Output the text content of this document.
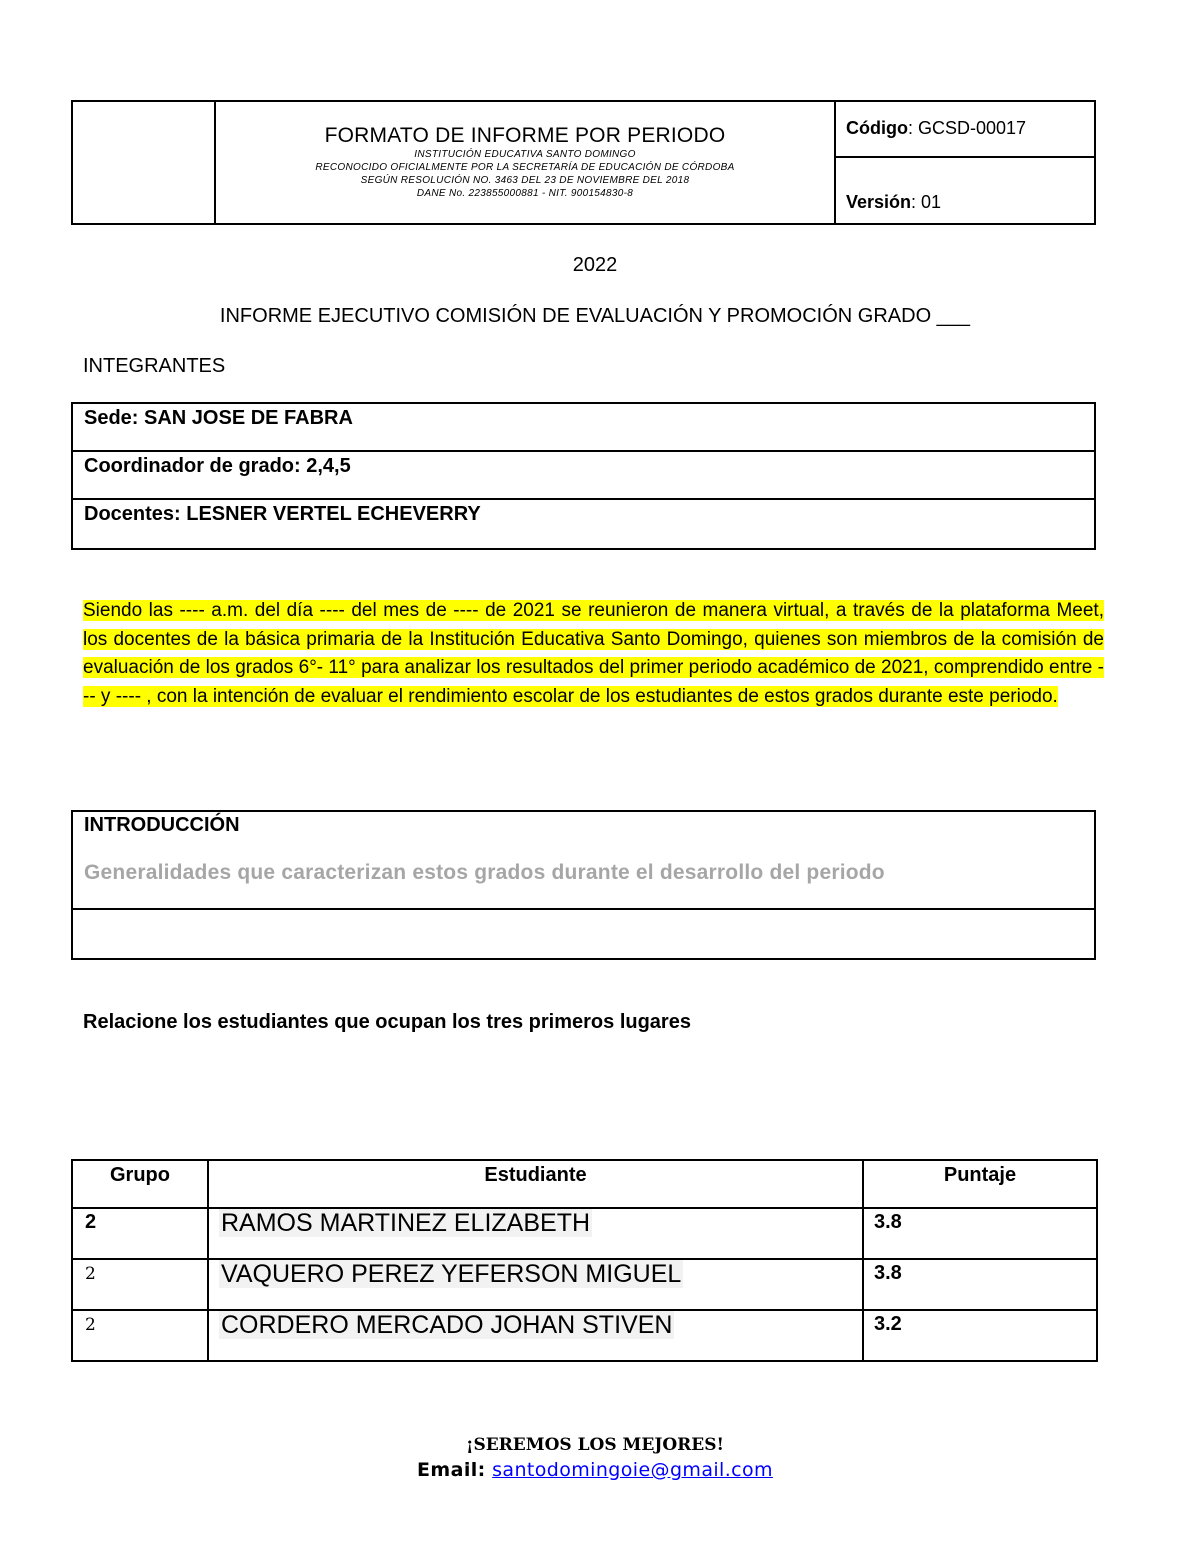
FORMATO DE INFORME POR PERIODO
INSTITUCIÓN EDUCATIVA SANTO DOMINGO
RECONOCIDO OFICIALMENTE POR LA SECRETARÍA DE EDUCACIÓN DE CÓRDOBA
SEGÚN RESOLUCIÓN NO. 3463 DEL 23 DE NOVIEMBRE DEL 2018
DANE No. 223855000881 - NIT. 900154830-8
Código: GCSD-00017
Versión: 01
2022
INFORME EJECUTIVO COMISIÓN DE EVALUACIÓN Y PROMOCIÓN GRADO ___
INTEGRANTES
Sede: SAN JOSE DE FABRA
Coordinador de grado: 2,4,5
Docentes: LESNER VERTEL ECHEVERRY
Siendo las ---- a.m. del día ---- del mes de ---- de 2021 se reunieron de manera virtual, a través de la plataforma Meet, los docentes de la básica primaria de la Institución Educativa Santo Domingo, quienes son miembros de la comisión de evaluación de los grados 6°- 11° para analizar los resultados del primer periodo académico de 2021, comprendido entre --- y ---- , con la intención de evaluar el rendimiento escolar de los estudiantes de estos grados durante este periodo.
INTRODUCCIÓN
Generalidades que caracterizan estos grados durante el desarrollo del periodo
Relacione los estudiantes que ocupan los tres primeros lugares
Grupo	Estudiante	Puntaje
2	RAMOS MARTINEZ ELIZABETH	3.8
2	VAQUERO PEREZ YEFERSON MIGUEL	3.8
2	CORDERO MERCADO JOHAN STIVEN	3.2
¡SEREMOS LOS MEJORES!
Email: santodomingoie@gmail.com
